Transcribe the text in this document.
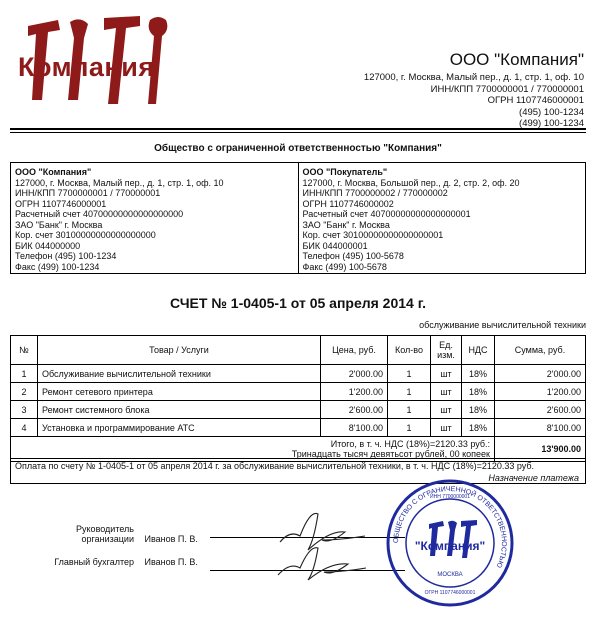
Компания	ООО "Компания"
127000, г. Москва, Малый пер., д. 1, стр. 1, оф. 10
ИНН/КПП 7700000001 / 770000001
ОГРН 1107746000001
(495) 100-1234
(499) 100-1234
Общество с ограниченной ответственностью "Компания"
ООО "Компания"
127000, г. Москва, Малый пер., д. 1, стр. 1, оф. 10
ИНН/КПП 7700000001 / 770000001
ОГРН 1107746000001
Расчетный счет 40700000000000000000
ЗАО "Банк" г. Москва
Кор. счет 30100000000000000000
БИК 044000000
Телефон (495) 100-1234
Факс (499) 100-1234
ООО "Покупатель"
127000, г. Москва, Большой пер., д. 2, стр. 2, оф. 20
ИНН/КПП 7700000002 / 770000002
ОГРН 1107746000002
Расчетный счет 40700000000000000001
ЗАО "Банк" г. Москва
Кор. счет 30100000000000000001
БИК 044000001
Телефон (495) 100-5678
Факс (499) 100-5678
СЧЕТ № 1-0405-1 от 05 апреля 2014 г.
обслуживание вычислительной техники
№	Товар / Услуги	Цена, руб.	Кол-во	Ед. изм.	НДС	Сумма, руб.
1	Обслуживание вычислительной техники	2'000.00	1	шт	18%	2'000.00
2	Ремонт сетевого принтера	1'200.00	1	шт	18%	1'200.00
3	Ремонт системного блока	2'600.00	1	шт	18%	2'600.00
4	Установка и программирование АТС	8'100.00	1	шт	18%	8'100.00

Итого, в т. ч. НДС (18%)=2120.33 руб.:
Тринадцать тысяч девятьсот рублей, 00 копеек						13'900.00
Оплата по счету № 1-0405-1 от 05 апреля 2014 г. за обслуживание вычислительной техники, в т. ч. НДС (18%)=2120.33 руб.
Назначение платежа
Руководитель организации Иванов П. В.
Главный бухгалтер Иванов П. В.
ОБЩЕСТВО С ОГРАНИЧЕННОЙ ОТВЕТСТВЕННОСТЬЮ
"Компания"
МОСКВА
ИНН 7700000001
ОГРН 1107746000001
